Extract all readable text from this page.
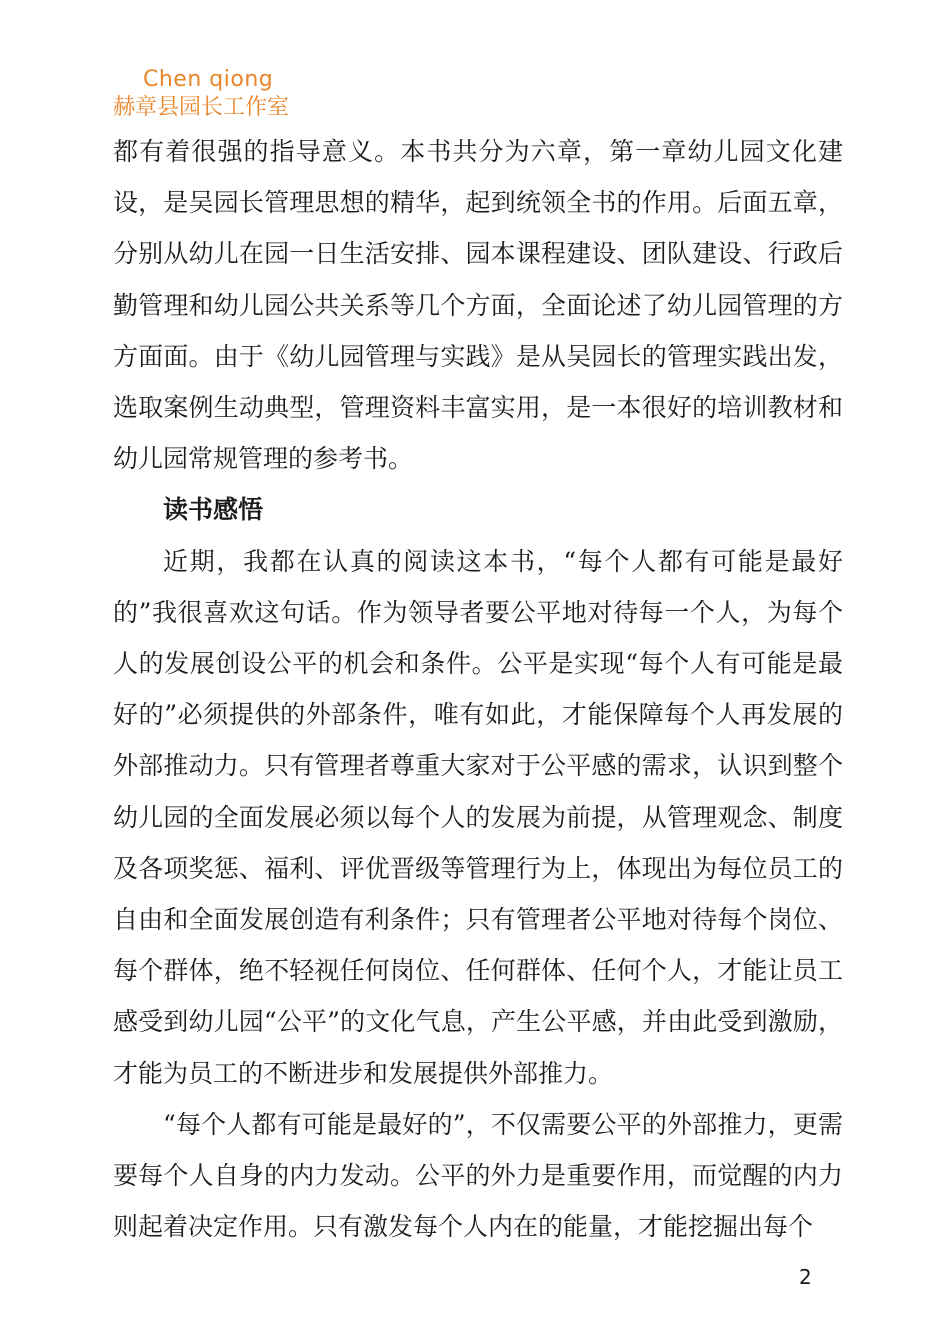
Chen qiong
赫章县园长工作室

都有着很强的指导意义。本书共分为六章，第一章幼儿园文化建设，是吴园长管理思想的精华，起到统领全书的作用。后面五章，分别从幼儿在园一日生活安排、园本课程建设、团队建设、行政后勤管理和幼儿园公共关系等几个方面，全面论述了幼儿园管理的方方面面。由于《幼儿园管理与实践》是从吴园长的管理实践出发，选取案例生动典型，管理资料丰富实用，是一本很好的培训教材和幼儿园常规管理的参考书。

读书感悟

近期，我都在认真的阅读这本书，“每个人都有可能是最好的”我很喜欢这句话。作为领导者要公平地对待每一个人，为每个人的发展创设公平的机会和条件。公平是实现“每个人有可能是最好的”必须提供的外部条件，唯有如此，才能保障每个人再发展的外部推动力。只有管理者尊重大家对于公平感的需求，认识到整个幼儿园的全面发展必须以每个人的发展为前提，从管理观念、制度及各项奖惩、福利、评优晋级等管理行为上，体现出为每位员工的自由和全面发展创造有利条件；只有管理者公平地对待每个岗位、每个群体，绝不轻视任何岗位、任何群体、任何个人，才能让员工感受到幼儿园“公平”的文化气息，产生公平感，并由此受到激励，才能为员工的不断进步和发展提供外部推力。

“每个人都有可能是最好的”，不仅需要公平的外部推力，更需要每个人自身的内力发动。公平的外力是重要作用，而觉醒的内力则起着决定作用。只有激发每个人内在的能量，才能挖掘出每个

2
